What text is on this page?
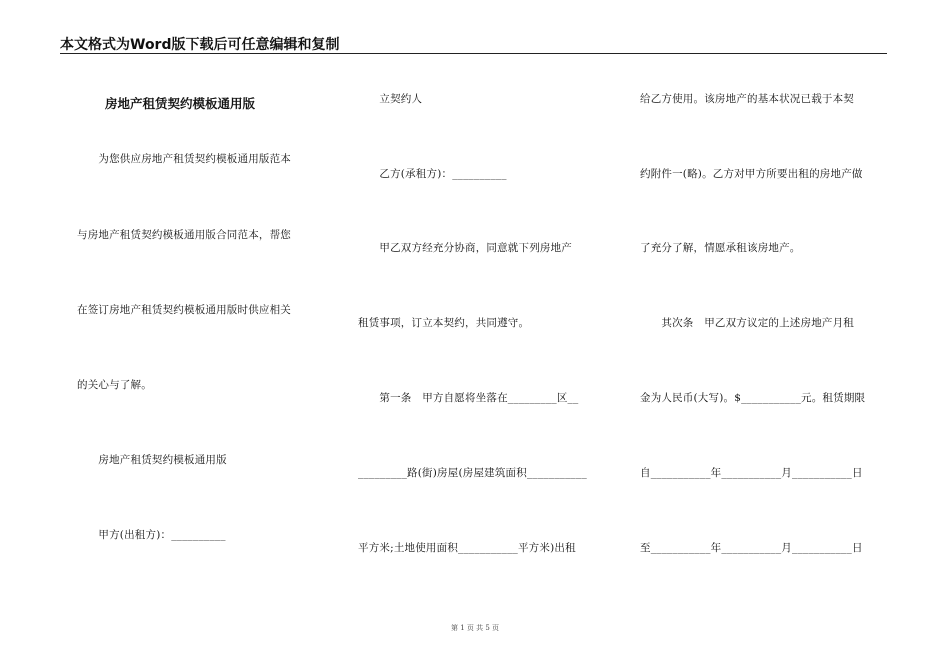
本文格式为Word版下载后可任意编辑和复制
房地产租赁契约模板通用版
　　为您供应房地产租赁契约模板通用版范本
与房地产租赁契约模板通用版合同范本，帮您
在签订房地产租赁契约模板通用版时供应相关
的关心与了解。
　　房地产租赁契约模板通用版
　　甲方(出租方)：__________
　　立契约人
　　乙方(承租方)：__________
　　甲乙双方经充分协商，同意就下列房地产
租赁事项，订立本契约，共同遵守。
　　第一条　甲方自愿将坐落在_________区__
_________路(街)房屋(房屋建筑面积___________
平方米;土地使用面积___________平方米)出租
给乙方使用。该房地产的基本状况已载于本契
约附件一(略)。乙方对甲方所要出租的房地产做
了充分了解，情愿承租该房地产。
　　其次条　甲乙双方议定的上述房地产月租
金为人民币(大写)。$___________元。租赁期限
自___________年___________月___________日
至___________年___________月___________日
第 1 页 共 5 页
